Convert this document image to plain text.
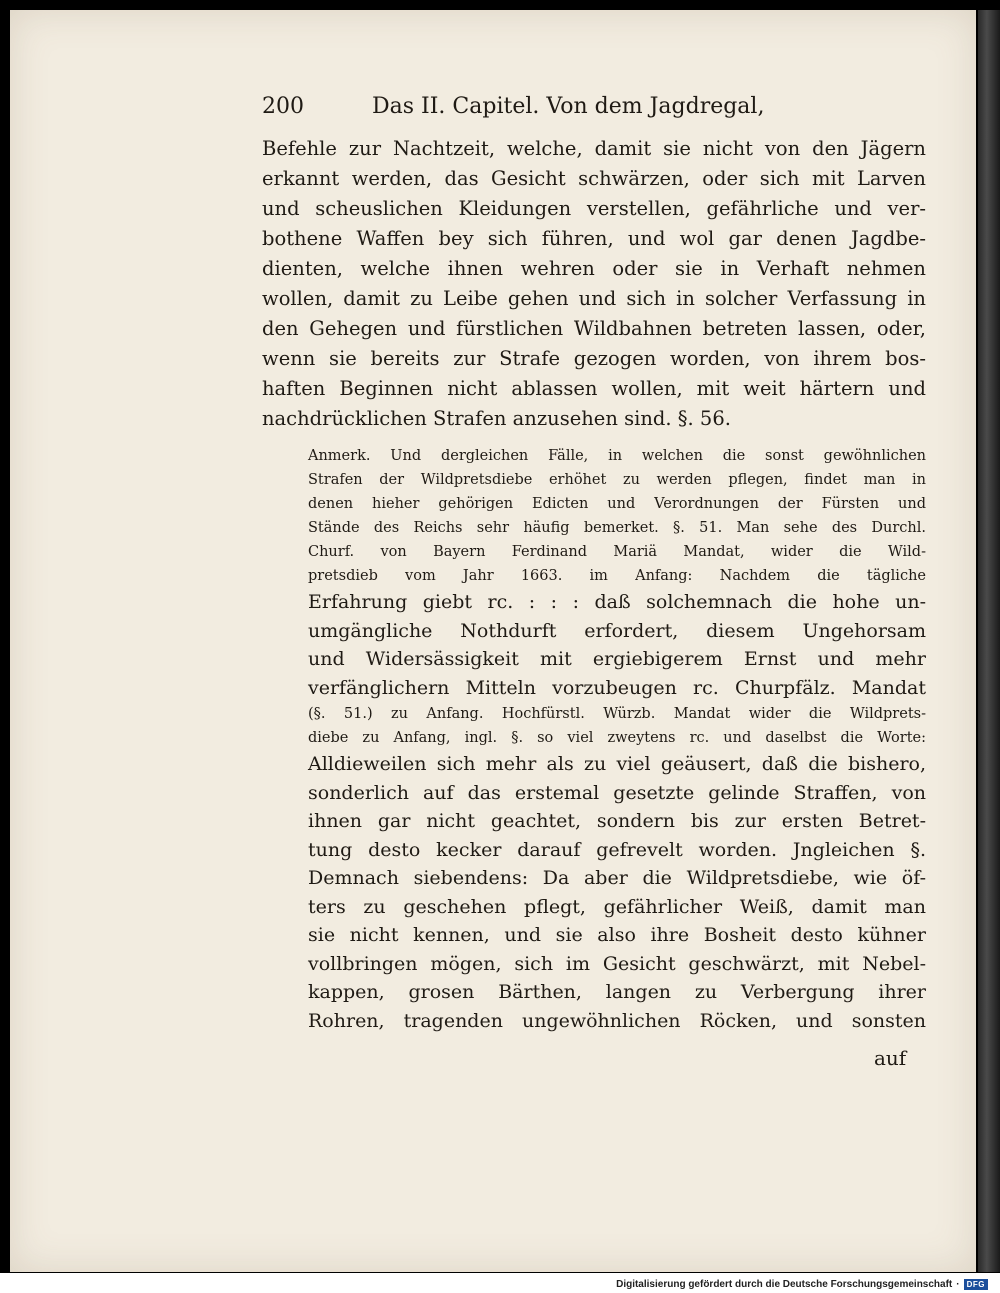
200	Das II. Capitel. Von dem Jagdregal,
Befehle zur Nachtzeit, welche, damit sie nicht von den Jägern
erkannt werden, das Gesicht schwärzen, oder sich mit Larven
und scheuslichen Kleidungen verstellen, gefährliche und ver-
bothene Waffen bey sich führen, und wol gar denen Jagdbe-
dienten, welche ihnen wehren oder sie in Verhaft nehmen
wollen, damit zu Leibe gehen und sich in solcher Verfassung in
den Gehegen und fürstlichen Wildbahnen betreten lassen, oder,
wenn sie bereits zur Strafe gezogen worden, von ihrem bos-
haften Beginnen nicht ablassen wollen, mit weit härtern und
nachdrücklichen Strafen anzusehen sind. §. 56.
Anmerk. Und dergleichen Fälle, in welchen die sonst gewöhnlichen
Strafen der Wildpretsdiebe erhöhet zu werden pflegen, findet man in
denen hieher gehörigen Edicten und Verordnungen der Fürsten und
Stände des Reichs sehr häufig bemerket. §. 51. Man sehe des Durchl.
Churf. von Bayern Ferdinand Mariä Mandat, wider die Wild-
pretsdieb vom Jahr 1663. im Anfang: Nachdem die tägliche
Erfahrung giebt rc. : : : daß solchemnach die hohe un-
umgängliche Nothdurft erfordert, diesem Ungehorsam
und Widersässigkeit mit ergiebigerem Ernst und mehr
verfänglichern Mitteln vorzubeugen rc. Churpfälz. Mandat
(§. 51.) zu Anfang. Hochfürstl. Würzb. Mandat wider die Wildprets-
diebe zu Anfang, ingl. §. so viel zweytens rc. und daselbst die Worte:
Alldieweilen sich mehr als zu viel geäusert, daß die bishero,
sonderlich auf das erstemal gesetzte gelinde Straffen, von
ihnen gar nicht geachtet, sondern bis zur ersten Betret-
tung desto kecker darauf gefrevelt worden. Jngleichen §.
Demnach siebendens: Da aber die Wildpretsdiebe, wie öf-
ters zu geschehen pflegt, gefährlicher Weiß, damit man
sie nicht kennen, und sie also ihre Bosheit desto kühner
vollbringen mögen, sich im Gesicht geschwärzt, mit Nebel-
kappen, grosen Bärthen, langen zu Verbergung ihrer
Rohren, tragenden ungewöhnlichen Röcken, und sonsten
auf
Digitalisierung gefördert durch die Deutsche Forschungsgemeinschaft · DFG
